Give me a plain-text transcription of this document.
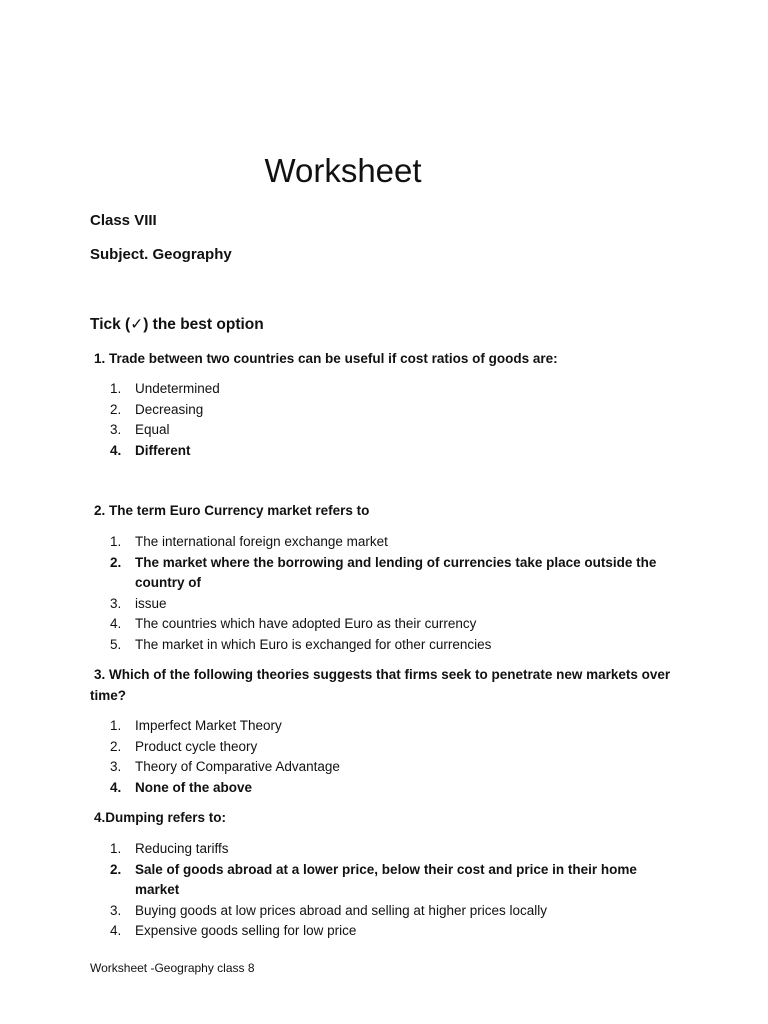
Worksheet

Class VIII

Subject. Geography

Tick (✓) the best option

1. Trade between two countries can be useful if cost ratios of goods are:

1.	Undetermined
2.	Decreasing
3.	Equal
4.	Different

2. The term Euro Currency market refers to

1.	The international foreign exchange market
2.	The market where the borrowing and lending of currencies take place outside the country of
3.	issue
4.	The countries which have adopted Euro as their currency
5.	The market in which Euro is exchanged for other currencies

3. Which of the following theories suggests that firms seek to penetrate new markets over time?

1.	Imperfect Market Theory
2.	Product cycle theory
3.	Theory of Comparative Advantage
4.	None of the above

4.Dumping refers to:

1.	Reducing tariffs
2.	Sale of goods abroad at a lower price, below their cost and price in their home market
3.	Buying goods at low prices abroad and selling at higher prices locally
4.	Expensive goods selling for low price

Worksheet -Geography class 8
